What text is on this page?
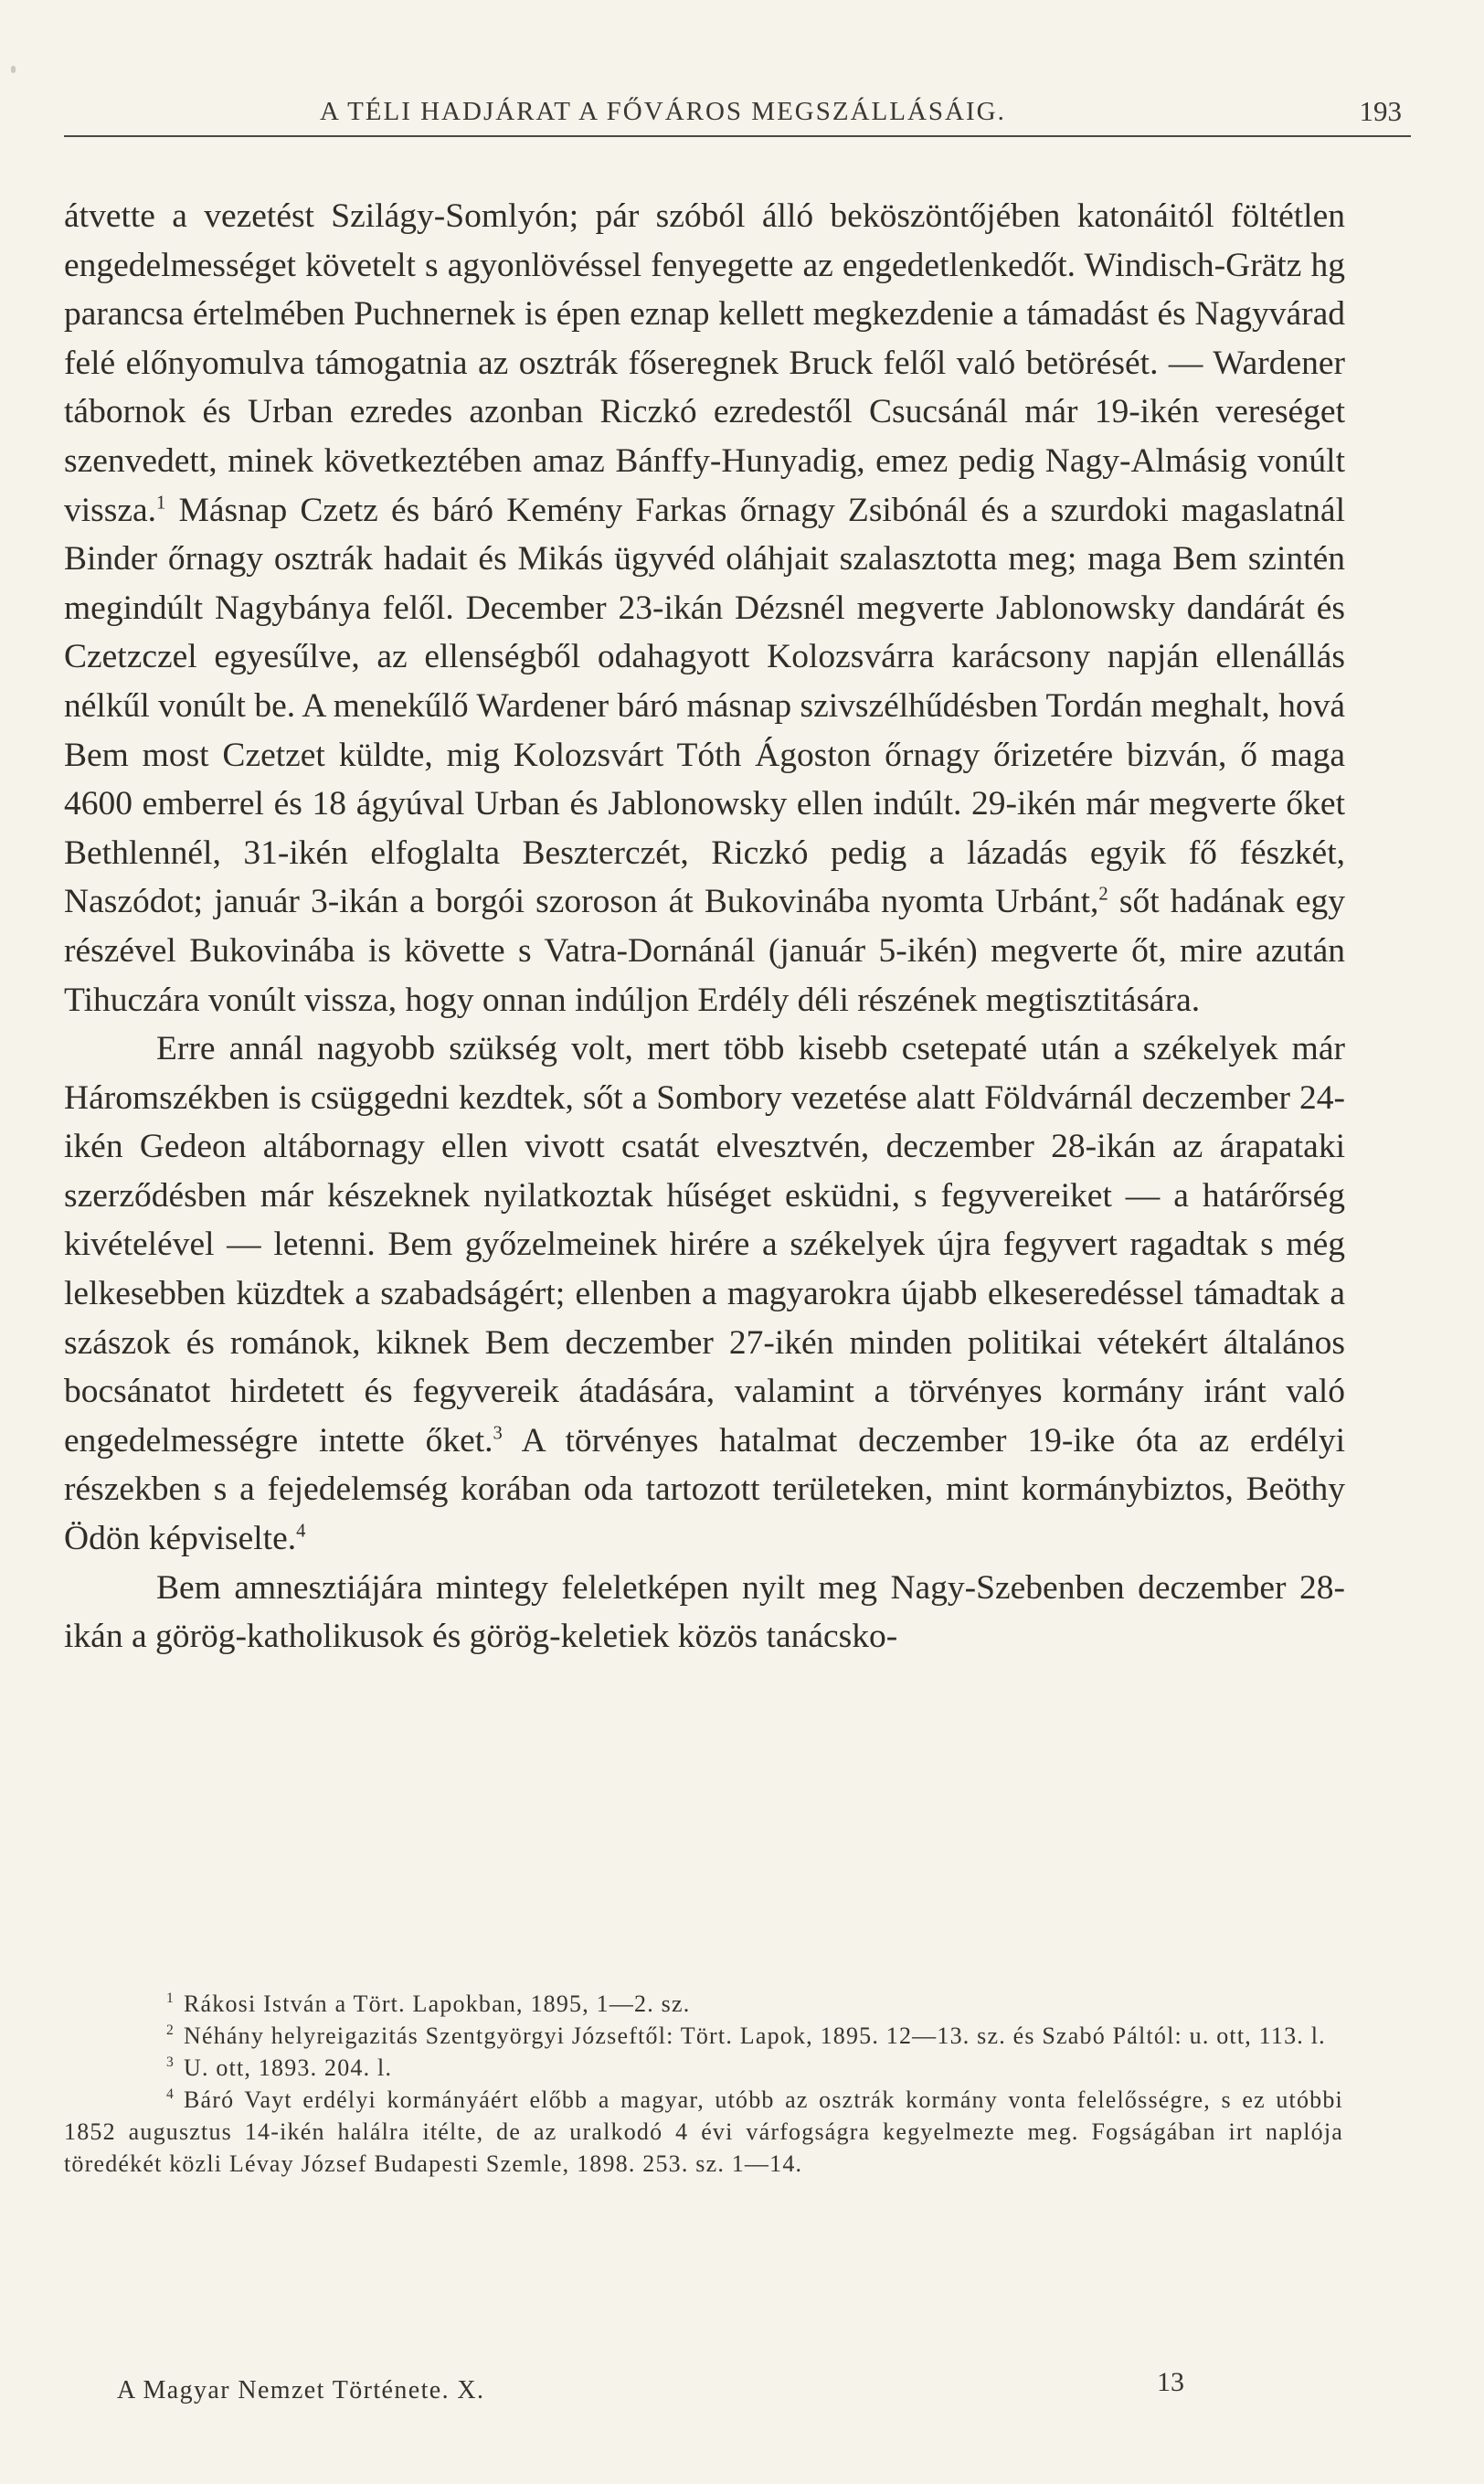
A TÉLI HADJÁRAT A FŐVÁROS MEGSZÁLLÁSÁIG.	193

átvette a vezetést Szilágy-Somlyón; pár szóból álló beköszöntőjében katonáitól föltétlen engedelmességet követelt s agyonlövéssel fenyegette az engedetlenkedőt. Windisch-Grätz hg parancsa értelmében Puchnernek is épen eznap kellett megkezdenie a támadást és Nagyvárad felé előnyomulva támogatnia az osztrák főseregnek Bruck felől való betörését. — Wardener tábornok és Urban ezredes azonban Riczkó ezredestől Csucsánál már 19-ikén vereséget szenvedett, minek következtében amaz Bánffy-Hunyadig, emez pedig Nagy-Almásig vonúlt vissza.$^1$ Másnap Czetz és báró Kemény Farkas őrnagy Zsibónál és a szurdoki magaslatnál Binder őrnagy osztrák hadait és Mikás ügyvéd oláhjait szalasztotta meg; maga Bem szintén megindúlt Nagybánya felől. December 23-ikán Dézsnél megverte Jablonowsky dandárát és Czetzczel egyesűlve, az ellenségből odahagyott Kolozsvárra karácsony napján ellenállás nélkűl vonúlt be. A menekűlő Wardener báró másnap szivszélhűdésben Tordán meghalt, hová Bem most Czetzet küldte, mig Kolozsvárt Tóth Ágoston őrnagy őrizetére bizván, ő maga 4600 emberrel és 18 ágyúval Urban és Jablonowsky ellen indúlt. 29-ikén már megverte őket Bethlennél, 31-ikén elfoglalta Beszterczét, Riczkó pedig a lázadás egyik fő fészkét, Naszódot; január 3-ikán a borgói szoroson át Bukovinába nyomta Urbánt,$^2$ sőt hadának egy részével Bukovinába is követte s Vatra-Dornánál (január 5-ikén) megverte őt, mire azután Tihuczára vonúlt vissza, hogy onnan indúljon Erdély déli részének megtisztitására.

Erre annál nagyobb szükség volt, mert több kisebb csetepaté után a székelyek már Háromszékben is csüggedni kezdtek, sőt a Sombory vezetése alatt Földvárnál deczember 24-ikén Gedeon altábornagy ellen vivott csatát elvesztvén, deczember 28-ikán az árapataki szerződésben már készeknek nyilatkoztak hűséget esküdni, s fegyvereiket — a határőrség kivételével — letenni. Bem győzelmeinek hirére a székelyek újra fegyvert ragadtak s még lelkesebben küzdtek a szabadságért; ellenben a magyarokra újabb elkeseredéssel támadtak a szászok és románok, kiknek Bem deczember 27-ikén minden politikai vétekért általános bocsánatot hirdetett és fegyvereik átadására, valamint a törvényes kormány iránt való engedelmességre intette őket.$^3$ A törvényes hatalmat deczember 19-ike óta az erdélyi részekben s a fejedelemség korában oda tartozott területeken, mint kormánybiztos, Beöthy Ödön képviselte.$^4$

Bem amnesztiájára mintegy feleletképen nyilt meg Nagy-Szebenben deczember 28-ikán a görög-katholikusok és görög-keletiek közös tanácsko-

$^1$ Rákosi István a Tört. Lapokban, 1895, 1—2. sz.

$^2$ Néhány helyreigazitás Szentgyörgyi Józseftől: Tört. Lapok, 1895. 12—13. sz. és Szabó Páltól: u. ott, 113. l.

$^3$ U. ott, 1893. 204. l.

$^4$ Báró Vayt erdélyi kormányáért előbb a magyar, utóbb az osztrák kormány vonta felelősségre, s ez utóbbi 1852 augusztus 14-ikén halálra itélte, de az uralkodó 4 évi várfogságra kegyelmezte meg. Fogságában irt naplója töredékét közli Lévay József Budapesti Szemle, 1898. 253. sz. 1—14.

A Magyar Nemzet Története. X.	13
